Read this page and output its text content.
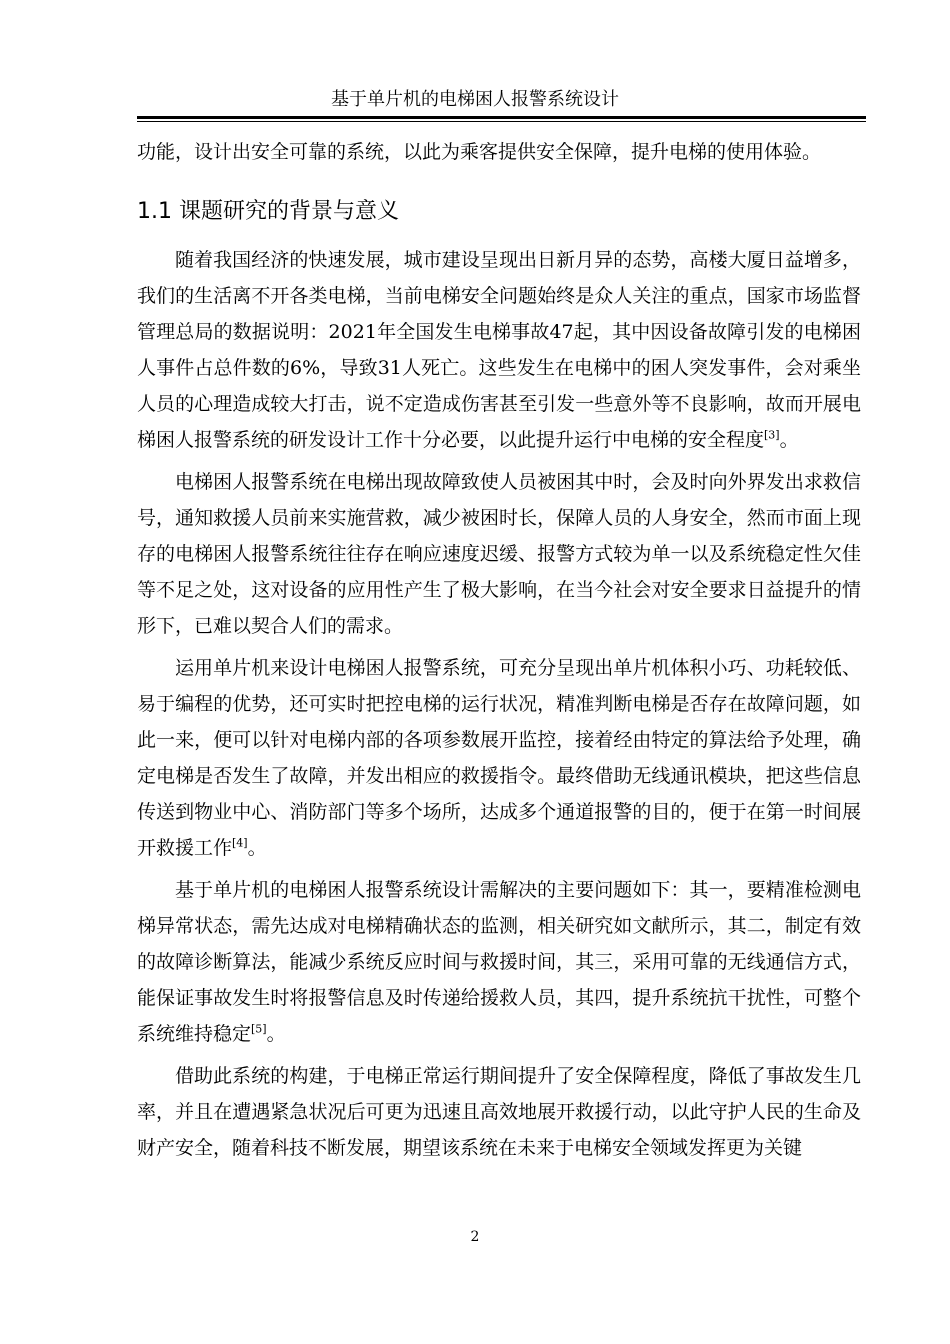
基于单片机的电梯困人报警系统设计

功能，设计出安全可靠的系统，以此为乘客提供安全保障，提升电梯的使用体验。

1.1 课题研究的背景与意义

随着我国经济的快速发展，城市建设呈现出日新月异的态势，高楼大厦日益增多，我们的生活离不开各类电梯，当前电梯安全问题始终是众人关注的重点，国家市场监督管理总局的数据说明：2021年全国发生电梯事故47起，其中因设备故障引发的电梯困人事件占总件数的6%，导致31人死亡。这些发生在电梯中的困人突发事件，会对乘坐人员的心理造成较大打击，说不定造成伤害甚至引发一些意外等不良影响，故而开展电梯困人报警系统的研发设计工作十分必要，以此提升运行中电梯的安全程度[3]。

电梯困人报警系统在电梯出现故障致使人员被困其中时，会及时向外界发出求救信号，通知救援人员前来实施营救，减少被困时长，保障人员的人身安全，然而市面上现存的电梯困人报警系统往往存在响应速度迟缓、报警方式较为单一以及系统稳定性欠佳等不足之处，这对设备的应用性产生了极大影响，在当今社会对安全要求日益提升的情形下，已难以契合人们的需求。

运用单片机来设计电梯困人报警系统，可充分呈现出单片机体积小巧、功耗较低、易于编程的优势，还可实时把控电梯的运行状况，精准判断电梯是否存在故障问题，如此一来，便可以针对电梯内部的各项参数展开监控，接着经由特定的算法给予处理，确定电梯是否发生了故障，并发出相应的救援指令。最终借助无线通讯模块，把这些信息传送到物业中心、消防部门等多个场所，达成多个通道报警的目的，便于在第一时间展开救援工作[4]。

基于单片机的电梯困人报警系统设计需解决的主要问题如下：其一，要精准检测电梯异常状态，需先达成对电梯精确状态的监测，相关研究如文献所示，其二，制定有效的故障诊断算法，能减少系统反应时间与救援时间，其三，采用可靠的无线通信方式，能保证事故发生时将报警信息及时传递给援救人员，其四，提升系统抗干扰性，可整个系统维持稳定[5]。

借助此系统的构建，于电梯正常运行期间提升了安全保障程度，降低了事故发生几率，并且在遭遇紧急状况后可更为迅速且高效地展开救援行动，以此守护人民的生命及财产安全，随着科技不断发展，期望该系统在未来于电梯安全领域发挥更为关键

2
